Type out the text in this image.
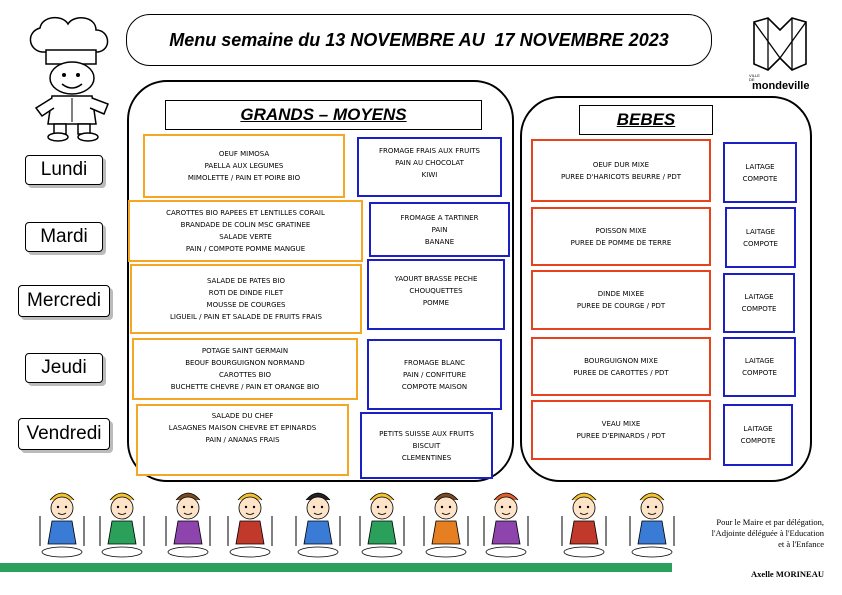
Menu semaine du 13 NOVEMBRE AU  17 NOVEMBRE 2023
VILLE DE
mondeville
Lundi
Mardi
Mercredi
Jeudi
Vendredi
GRANDS – MOYENS
OEUF MIMOSA
PAELLA AUX LEGUMES
MIMOLETTE / PAIN ET POIRE BIO
CAROTTES BIO RAPEES ET LENTILLES CORAIL
BRANDADE DE COLIN MSC GRATINEE
SALADE VERTE
PAIN / COMPOTE POMME MANGUE
SALADE DE PATES BIO
ROTI DE DINDE FILET
MOUSSE DE COURGES
LIGUEIL / PAIN ET SALADE DE FRUITS FRAIS
POTAGE SAINT GERMAIN
BEOUF BOURGUIGNON NORMAND
CAROTTES BIO
BUCHETTE CHEVRE / PAIN ET ORANGE BIO
SALADE DU CHEF
LASAGNES MAISON CHEVRE ET EPINARDS
PAIN / ANANAS FRAIS
FROMAGE FRAIS AUX FRUITS
PAIN AU CHOCOLAT
KIWI
FROMAGE A TARTINER
PAIN
BANANE
YAOURT BRASSE PECHE
CHOUQUETTES
POMME
FROMAGE BLANC
PAIN / CONFITURE
COMPOTE MAISON
PETITS SUISSE AUX FRUITS
BISCUIT
CLEMENTINES
BEBES
OEUF DUR MIXE
PUREE D'HARICOTS BEURRE / PDT
POISSON MIXE
PUREE DE POMME DE TERRE
DINDE MIXEE
PUREE DE COURGE / PDT
BOURGUIGNON MIXE
PUREE DE CAROTTES / PDT
VEAU MIXE
PUREE D'EPINARDS / PDT
LAITAGE
COMPOTE
LAITAGE
COMPOTE
LAITAGE
COMPOTE
LAITAGE
COMPOTE
LAITAGE
COMPOTE
Pour le Maire et par délégation,
l'Adjointe déléguée à l'Education
et à l'Enfance
Axelle MORINEAU
